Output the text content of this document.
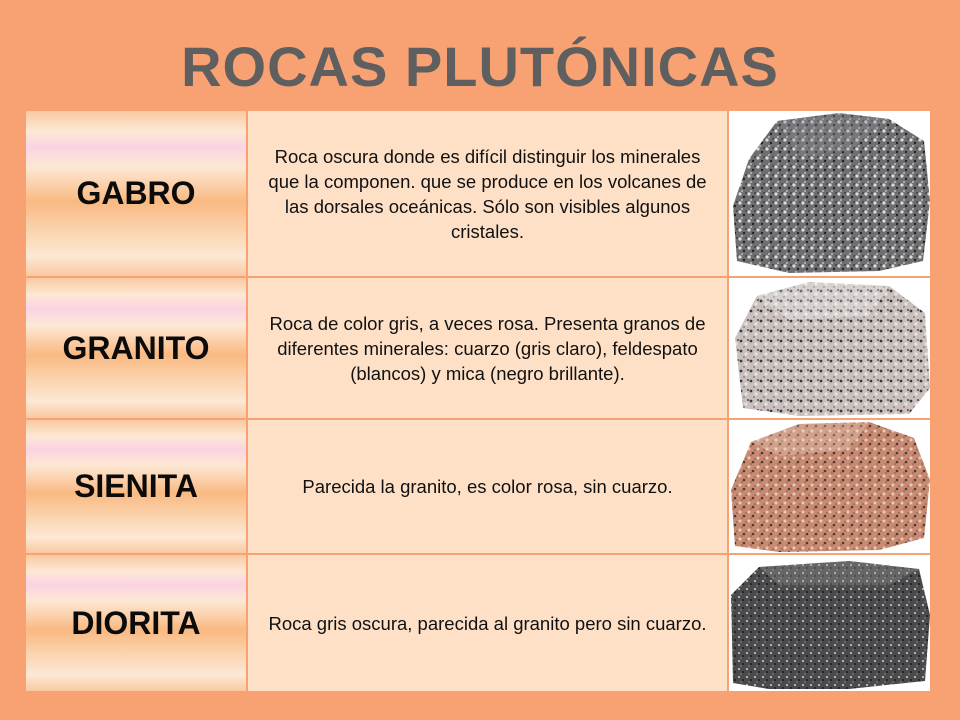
ROCAS PLUTÓNICAS
GABRO
Roca oscura donde es difícil distinguir los minerales que la componen. que se produce en los volcanes de las dorsales oceánicas. Sólo son visibles algunos cristales.
GRANITO
Roca de color gris, a veces rosa. Presenta granos de diferentes minerales: cuarzo (gris claro), feldespato (blancos) y mica (negro brillante).
SIENITA	Parecida la granito, es color rosa, sin cuarzo.
DIORITA	Roca gris oscura, parecida al granito pero sin cuarzo.
